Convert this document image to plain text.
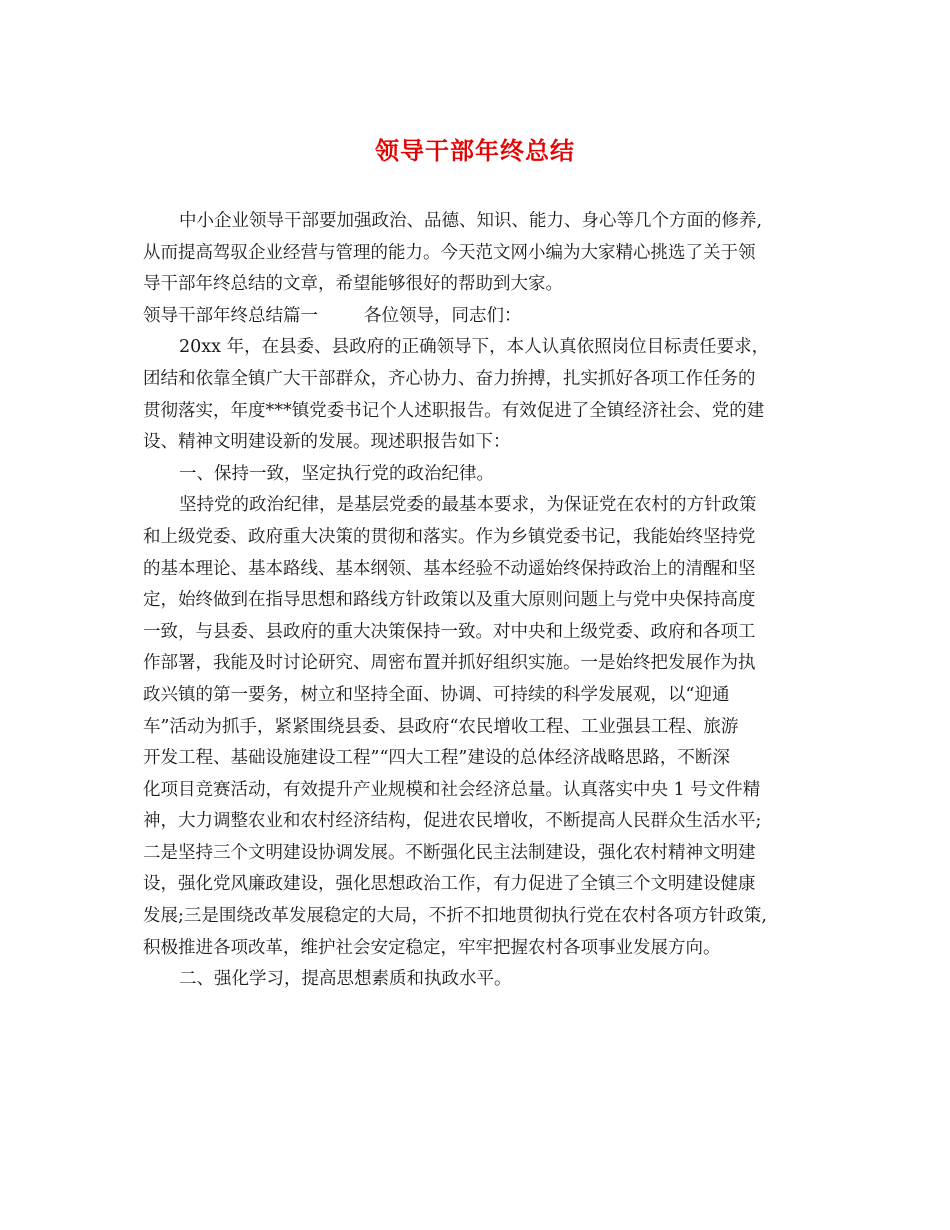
领导干部年终总结
中小企业领导干部要加强政治、品德、知识、能力、身心等几个方面的修养,
从而提高驾驭企业经营与管理的能力。今天范文网小编为大家精心挑选了关于领
导干部年终总结的文章，希望能够很好的帮助到大家。
领导干部年终总结篇一	各位领导，同志们：
20xx 年，在县委、县政府的正确领导下，本人认真依照岗位目标责任要求，
团结和依靠全镇广大干部群众，齐心协力、奋力拚搏，扎实抓好各项工作任务的
贯彻落实，年度***镇党委书记个人述职报告。有效促进了全镇经济社会、党的建
设、精神文明建设新的发展。现述职报告如下：
一、保持一致，坚定执行党的政治纪律。
坚持党的政治纪律，是基层党委的最基本要求，为保证党在农村的方针政策
和上级党委、政府重大决策的贯彻和落实。作为乡镇党委书记，我能始终坚持党
的基本理论、基本路线、基本纲领、基本经验不动遥始终保持政治上的清醒和坚
定，始终做到在指导思想和路线方针政策以及重大原则问题上与党中央保持高度
一致，与县委、县政府的重大决策保持一致。对中央和上级党委、政府和各项工
作部署，我能及时讨论研究、周密布置并抓好组织实施。一是始终把发展作为执
政兴镇的第一要务，树立和坚持全面、协调、可持续的科学发展观，以“迎通
车”活动为抓手，紧紧围绕县委、县政府“农民增收工程、工业强县工程、旅游
开发工程、基础设施建设工程”“四大工程”建设的总体经济战略思路，不断深
化项目竞赛活动，有效提升产业规模和社会经济总量。认真落实中央 1 号文件精
神，大力调整农业和农村经济结构，促进农民增收，不断提高人民群众生活水平;
二是坚持三个文明建设协调发展。不断强化民主法制建设，强化农村精神文明建
设，强化党风廉政建设，强化思想政治工作，有力促进了全镇三个文明建设健康
发展;三是围绕改革发展稳定的大局，不折不扣地贯彻执行党在农村各项方针政策,
积极推进各项改革，维护社会安定稳定，牢牢把握农村各项事业发展方向。
二、强化学习，提高思想素质和执政水平。
